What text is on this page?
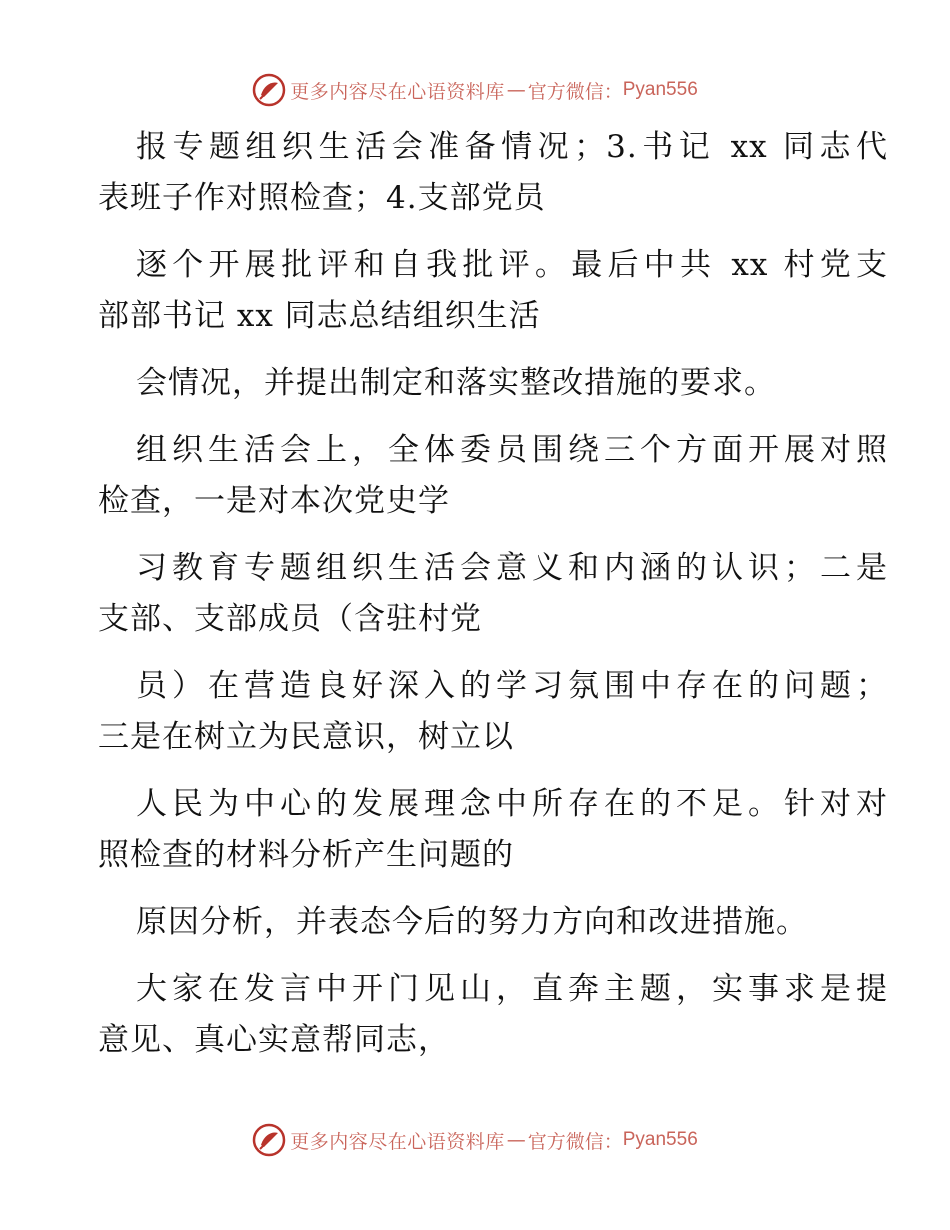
更多内容尽在心语资料库 — 官方微信： Pyan556
报专题组织生活会准备情况；3.书记 xx 同志代
表班子作对照检查；4.支部党员
逐个开展批评和自我批评。最后中共 xx 村党支
部部书记 xx 同志总结组织生活
会情况，并提出制定和落实整改措施的要求。
组织生活会上，全体委员围绕三个方面开展对照
检查，一是对本次党史学
习教育专题组织生活会意义和内涵的认识；二是
支部、支部成员（含驻村党
员）在营造良好深入的学习氛围中存在的问题；
三是在树立为民意识，树立以
人民为中心的发展理念中所存在的不足。针对对
照检查的材料分析产生问题的
原因分析，并表态今后的努力方向和改进措施。
大家在发言中开门见山，直奔主题，实事求是提
意见、真心实意帮同志，
更多内容尽在心语资料库 — 官方微信： Pyan556
